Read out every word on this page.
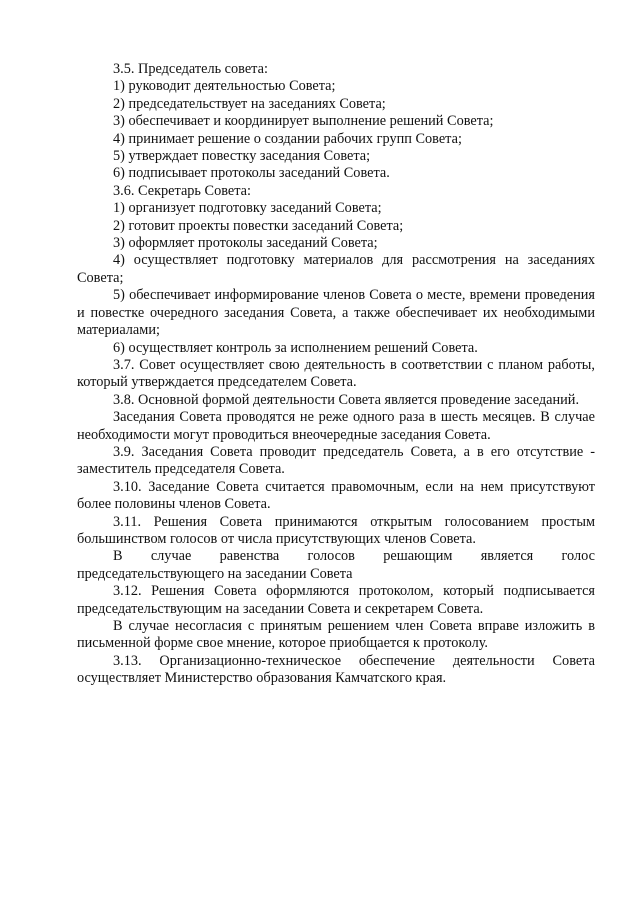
3.5. Председатель совета:

1) руководит деятельностью Совета;

2) председательствует на заседаниях Совета;

3) обеспечивает и координирует выполнение решений Совета;

4) принимает решение о создании рабочих групп Совета;

5) утверждает повестку заседания Совета;

6) подписывает протоколы заседаний Совета.

3.6. Секретарь Совета:

1) организует подготовку заседаний Совета;

2) готовит проекты повестки заседаний Совета;

3) оформляет протоколы заседаний Совета;

4) осуществляет подготовку материалов для рассмотрения на заседаниях Совета;

5) обеспечивает информирование членов Совета о месте, времени проведения и повестке очередного заседания Совета, а также обеспечивает их необходимыми материалами;

6) осуществляет контроль за исполнением решений Совета.

3.7. Совет осуществляет свою деятельность в соответствии с планом работы, который утверждается председателем Совета.

3.8. Основной формой деятельности Совета является проведение заседаний.

Заседания Совета проводятся не реже одного раза в шесть месяцев. В случае необходимости могут проводиться внеочередные заседания Совета.

3.9. Заседания Совета проводит председатель Совета, а в его отсутствие - заместитель председателя Совета.

3.10. Заседание Совета считается правомочным, если на нем присутствуют более половины членов Совета.

3.11. Решения Совета принимаются открытым голосованием простым большинством голосов от числа присутствующих членов Совета.

В случае равенства голосов решающим является голос председательствующего на заседании Совета

3.12. Решения Совета оформляются протоколом, который подписывается председательствующим на заседании Совета и секретарем Совета.

В случае несогласия с принятым решением член Совета вправе изложить в письменной форме свое мнение, которое приобщается к протоколу.

3.13. Организационно-техническое обеспечение деятельности Совета осуществляет Министерство образования Камчатского края.
